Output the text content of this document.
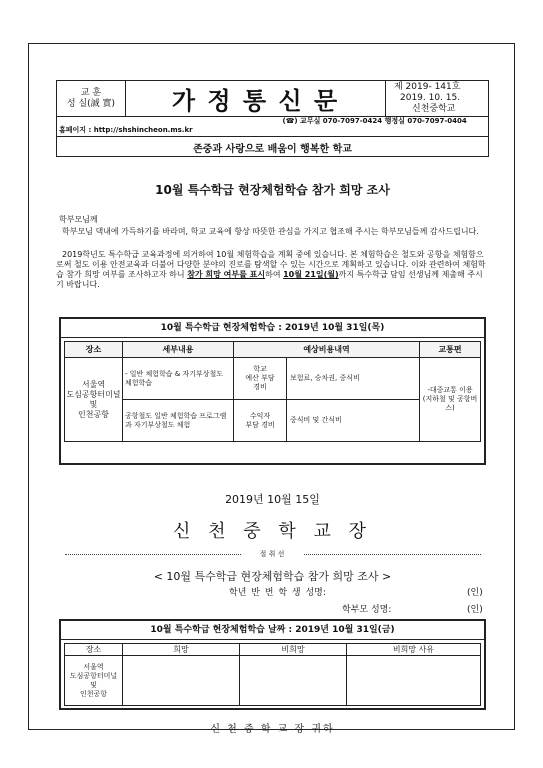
교 훈
성 실(誠 實)	가 정 통 신 문	제 2019- 141호
2019. 10. 15.
신천중학교

홈페이지 : http://shshincheon.ms.kr
(☎) 교무실 070-7097-0424 행정실 070-7097-0404

존중과 사랑으로 배움이 행복한 학교
10월 특수학급 현장체험학습 참가 희망 조사
학부모님께
학부모님 댁내에 가득하기를 바라며, 학교 교육에 항상 따뜻한 관심을 가지고 협조해 주시는 학부모님들께 감사드립니다.
2019학년도 특수학급 교육과정에 의거하여 10월 체험학습을 계획 중에 있습니다. 본 체험학습은 철도와 공항을 체험함으로써 철도 이용 안전교육과 더불어 다양한 분야의 진로를 탐색할 수 있는 시간으로 계획하고 있습니다. 이와 관련하여 체험학습 참가 희망 여부를 조사하고자 하니 참가 희망 여부를 표시하여 10월 21일(월)까지 특수학급 담임 선생님께 제출해 주시기 바랍니다.
10월 특수학급 현장체험학습 : 2019년 10월 31일(목)
장소	세부내용	예상비용내역		교통편
서울역
도심공항터미널
및
인천공항	- 일반 체험학습 & 자기부상철도 체험학습	학교
예산 부담
경비	보험료, 승차권, 중식비	-대중교통 이용
(지하철 및 공항버스)
	공항철도 일반 체험학습 프로그램과 자기부상철도 체험	수익자
부담 경비	중식비 및 간식비	
2019년 10월 15일
신 천 중 학 교 장
절 취 선
< 10월 특수학급 현장체험학습 참가 희망 조사 >
학년 반 번 학 생 성명:	(인)
학부모 성명:	(인)
10월 특수학급 현장체험학습 날짜 : 2019년 10월 31일(금)
장소	희망	비희망	비희망 사유
서울역
도심공항터미널
및
인천공항			
신 천 중 학 교 장 귀하
